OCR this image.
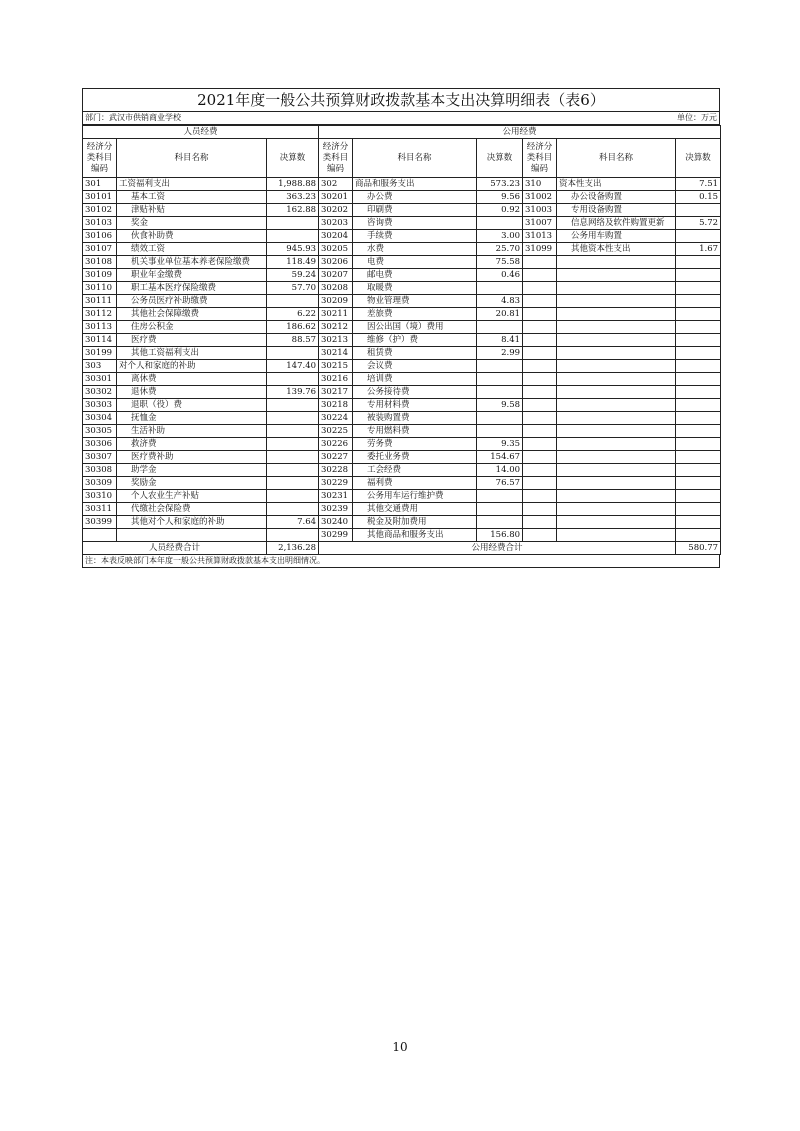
2021年度一般公共预算财政拨款基本支出决算明细表（表6）
部门：武汉市供销商业学校	单位：万元
人员经费			公用经费					
经济分类科目编码	科目名称	决算数	经济分类科目编码	科目名称	决算数	经济分类科目编码	科目名称	决算数
301	工资福利支出	1,988.88	302	商品和服务支出	573.23	310	资本性支出	7.51
30101	基本工资	363.23	30201	办公费	9.56	31002	办公设备购置	0.15
30102	津贴补贴	162.88	30202	印刷费	0.92	31003	专用设备购置	
30103	奖金		30203	咨询费		31007	信息网络及软件购置更新	5.72
30106	伙食补助费		30204	手续费	3.00	31013	公务用车购置	
30107	绩效工资	945.93	30205	水费	25.70	31099	其他资本性支出	1.67
30108	机关事业单位基本养老保险缴费	118.49	30206	电费	75.58			
30109	职业年金缴费	59.24	30207	邮电费	0.46			
30110	职工基本医疗保险缴费	57.70	30208	取暖费				
30111	公务员医疗补助缴费		30209	物业管理费	4.83			
30112	其他社会保障缴费	6.22	30211	差旅费	20.81			
30113	住房公积金	186.62	30212	因公出国（境）费用				
30114	医疗费	88.57	30213	维修（护）费	8.41			
30199	其他工资福利支出		30214	租赁费	2.99			
303	对个人和家庭的补助	147.40	30215	会议费				
30301	离休费		30216	培训费				
30302	退休费	139.76	30217	公务接待费				
30303	退职（役）费		30218	专用材料费	9.58			
30304	抚恤金		30224	被装购置费				
30305	生活补助		30225	专用燃料费				
30306	救济费		30226	劳务费	9.35			
30307	医疗费补助		30227	委托业务费	154.67			
30308	助学金		30228	工会经费	14.00			
30309	奖励金		30229	福利费	76.57			
30310	个人农业生产补贴		30231	公务用车运行维护费				
30311	代缴社会保险费		30239	其他交通费用				
30399	其他对个人和家庭的补助	7.64	30240	税金及附加费用				
			30299	其他商品和服务支出	156.80			
人员经费合计		2,136.28	公用经费合计					580.77
注：本表反映部门本年度一般公共预算财政拨款基本支出明细情况。
10
